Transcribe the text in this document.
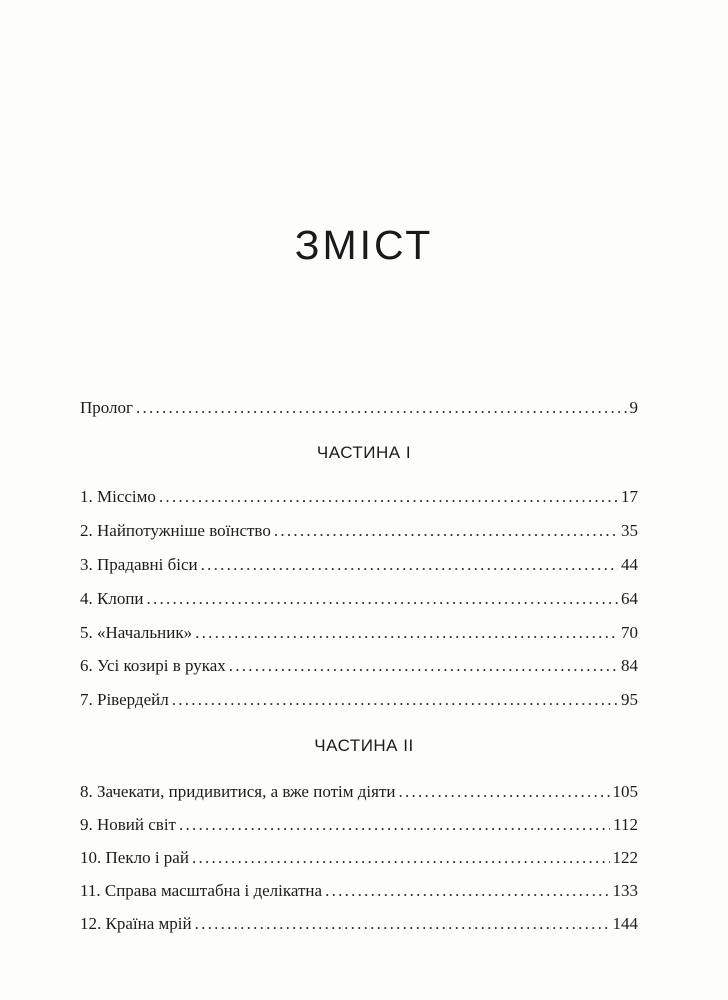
ЗМІСТ
Пролог . . .	9
ЧАСТИНА І
1. Міссімо . . .	17
2. Найпотужніше воїнство . . .	35
3. Прадавні біси . . .	44
4. Клопи . . .	64
5. «Начальник» . . .	70
6. Усі козирі в руках . . .	84
7. Рівердейл . . .	95
ЧАСТИНА ІІ
8. Зачекати, придивитися, а вже потім діяти . . .	105
9. Новий світ . . .	112
10. Пекло і рай . . .	122
11. Справа масштабна і делікатна . . .	133
12. Країна мрій . . .	144
